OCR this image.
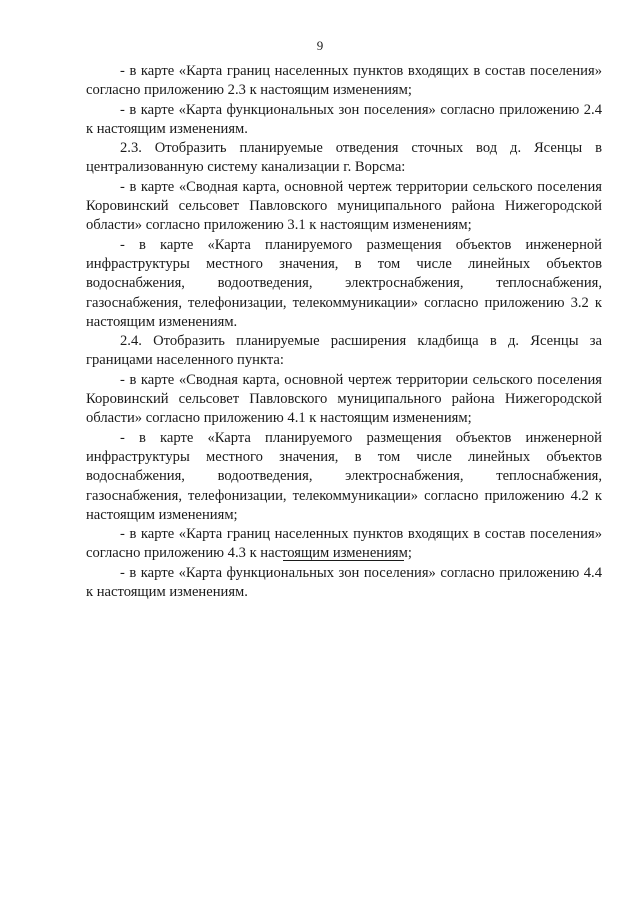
9

- в карте «Карта границ населенных пунктов входящих в состав поселения» согласно приложению 2.3 к настоящим изменениям;

- в карте «Карта функциональных зон поселения» согласно приложению 2.4 к настоящим изменениям.

2.3. Отобразить планируемые отведения сточных вод д. Ясенцы в централизованную систему канализации г. Ворсма:

- в карте «Сводная карта, основной чертеж территории сельского поселения Коровинский сельсовет Павловского муниципального района Нижегородской области» согласно приложению 3.1 к настоящим изменениям;

- в карте «Карта планируемого размещения объектов инженерной инфраструктуры местного значения, в том числе линейных объектов водоснабжения, водоотведения, электроснабжения, теплоснабжения, газоснабжения, телефонизации, телекоммуникации» согласно приложению 3.2 к настоящим изменениям.

2.4. Отобразить планируемые расширения кладбища в д. Ясенцы за границами населенного пункта:

- в карте «Сводная карта, основной чертеж территории сельского поселения Коровинский сельсовет Павловского муниципального района Нижегородской области» согласно приложению 4.1 к настоящим изменениям;

- в карте «Карта планируемого размещения объектов инженерной инфраструктуры местного значения, в том числе линейных объектов водоснабжения, водоотведения, электроснабжения, теплоснабжения, газоснабжения, телефонизации, телекоммуникации» согласно приложению 4.2 к настоящим изменениям;

- в карте «Карта границ населенных пунктов входящих в состав поселения» согласно приложению 4.3 к настоящим изменениям;

- в карте «Карта функциональных зон поселения» согласно приложению 4.4 к настоящим изменениям.
